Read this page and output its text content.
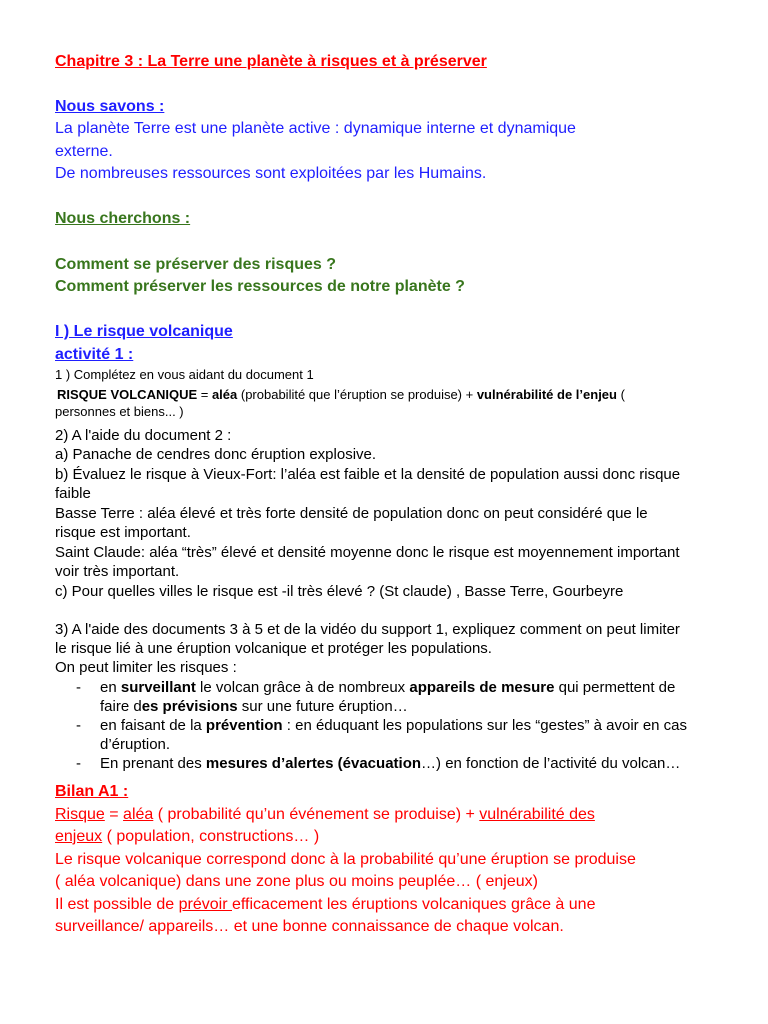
Chapitre 3 : La Terre une planète à risques et à préserver
Nous savons :
La planète Terre est une planète active : dynamique interne et dynamique
externe.
De nombreuses ressources sont exploitées par les Humains.
Nous cherchons :
Comment se préserver des risques ?
Comment préserver les ressources de notre planète ?
I ) Le risque volcanique
activité 1 :
1 ) Complétez en vous aidant du document 1
RISQUE VOLCANIQUE = aléa (probabilité que l’éruption se produise) + vulnérabilité de l’enjeu (
personnes et biens... )
2) A l'aide du document 2 :
a) Panache de cendres donc éruption explosive.
b) Évaluez le risque à Vieux-Fort: l’aléa est faible et la densité de population aussi donc risque
faible
Basse Terre : aléa élevé et très forte densité de population donc on peut considéré que le
risque est important.
Saint Claude: aléa “très” élevé et densité moyenne donc le risque est moyennement important
voir très important.
c) Pour quelles villes le risque est -il très élevé ? (St claude) , Basse Terre, Gourbeyre
3) A l'aide des documents 3 à 5 et de la vidéo du support 1, expliquez comment on peut limiter
le risque lié à une éruption volcanique et protéger les populations.
On peut limiter les risques :
- en surveillant le volcan grâce à de nombreux appareils de mesure qui permettent de
faire des prévisions sur une future éruption…
- en faisant de la prévention : en éduquant les populations sur les “gestes” à avoir en cas
d’éruption.
- En prenant des mesures d’alertes (évacuation…) en fonction de l’activité du volcan…
Bilan A1 :
Risque = aléa ( probabilité qu’un événement se produise) + vulnérabilité des
enjeux ( population, constructions… )
Le risque volcanique correspond donc à la probabilité qu’une éruption se produise
( aléa volcanique) dans une zone plus ou moins peuplée… ( enjeux)
Il est possible de prévoir efficacement les éruptions volcaniques grâce à une
surveillance/ appareils… et une bonne connaissance de chaque volcan.
